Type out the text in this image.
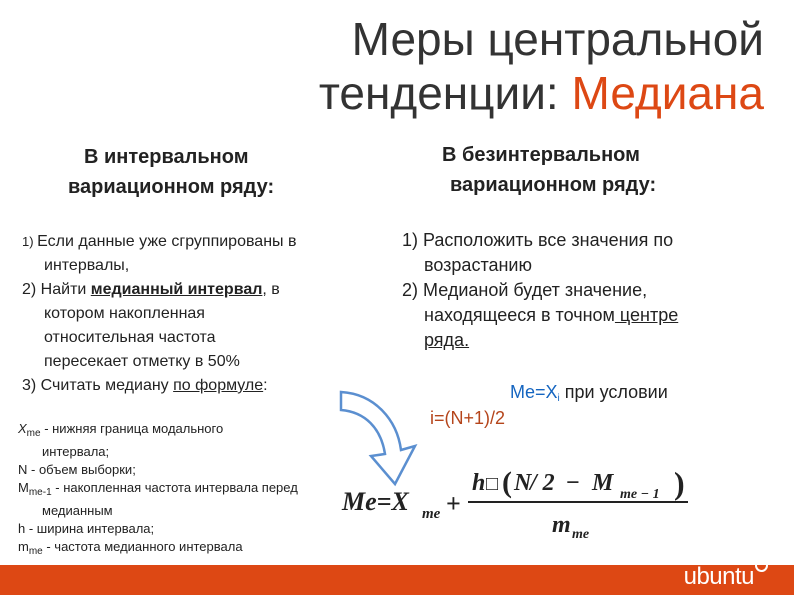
Меры центральной
тенденции: Медиана
В интервальном
вариационном ряду:
В безинтервальном
вариационном ряду:
1) Если данные уже сгруппированы в
интервалы,
2) Найти медианный интервал, в
котором накопленная
относительная частота
пересекает отметку в 50%
3) Считать медиану по формуле:
$X_{me}$ - нижняя граница модального
интервала;
N - объем выборки;
$M_{me-1}$ - накопленная частота интервала перед
медианным
h - ширина интервала;
$m_{me}$ - частота медианного интервала
1) Расположить все значения по
возрастанию
2) Медианой будет значение,
находящееся в точном центре
ряда.
$Me=X_i$ при условии
i=(N+1)/2
Me=X me +
h □ ( N
/ 2 − M me − 1 )
m me
ubuntu
